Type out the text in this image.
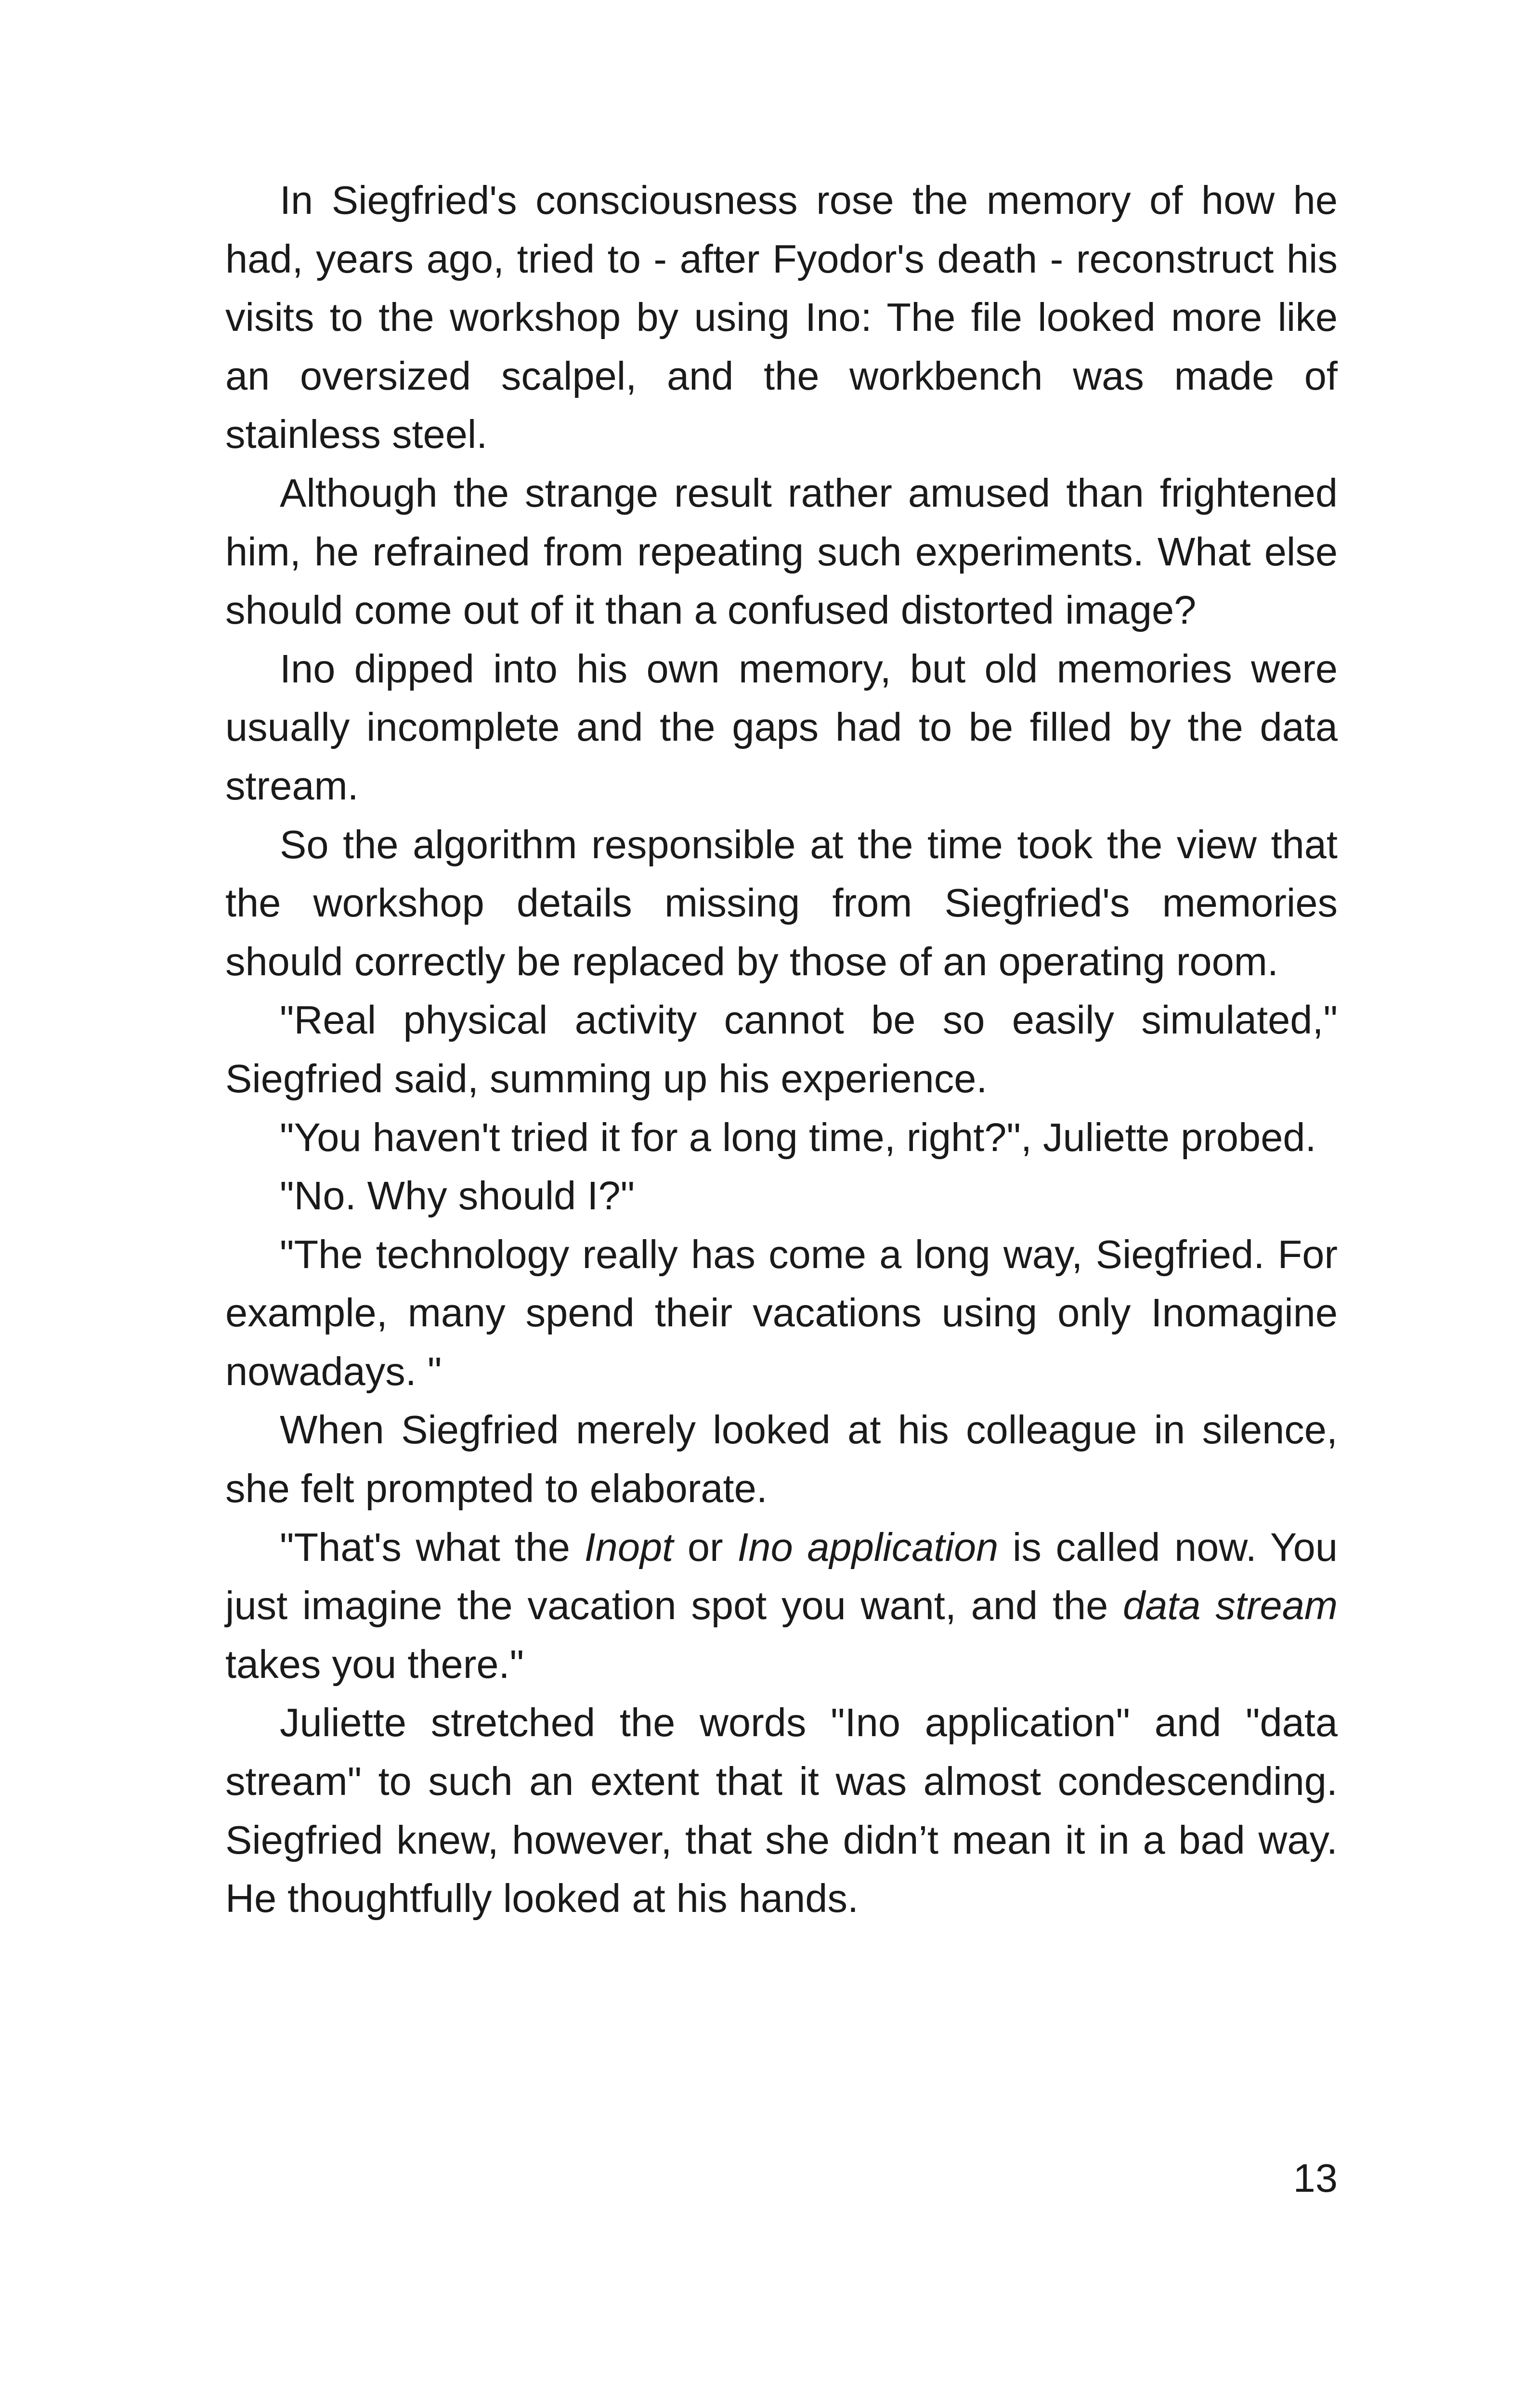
In Siegfried's consciousness rose the memory of how he had, years ago, tried to - after Fyodor's death - reconstruct his visits to the workshop by using Ino: The file looked more like an oversized scalpel, and the workbench was made of stainless steel.

Although the strange result rather amused than frightened him, he refrained from repeating such experiments. What else should come out of it than a confused distorted image?

Ino dipped into his own memory, but old memories were usually incomplete and the gaps had to be filled by the data stream.

So the algorithm responsible at the time took the view that the workshop details missing from Siegfried's memories should correctly be replaced by those of an operating room.

"Real physical activity cannot be so easily simulated," Siegfried said, summing up his experience.

"You haven't tried it for a long time, right?", Juliette probed.

"No. Why should I?"

"The technology really has come a long way, Siegfried. For example, many spend their vacations using only Inomagine nowadays. "

When Siegfried merely looked at his colleague in silence, she felt prompted to elaborate.

"That's what the Inopt or Ino application is called now. You just imagine the vacation spot you want, and the data stream takes you there."

Juliette stretched the words "Ino application" and "data stream" to such an extent that it was almost condescending. Siegfried knew, however, that she didn’t mean it in a bad way. He thoughtfully looked at his hands.

13
